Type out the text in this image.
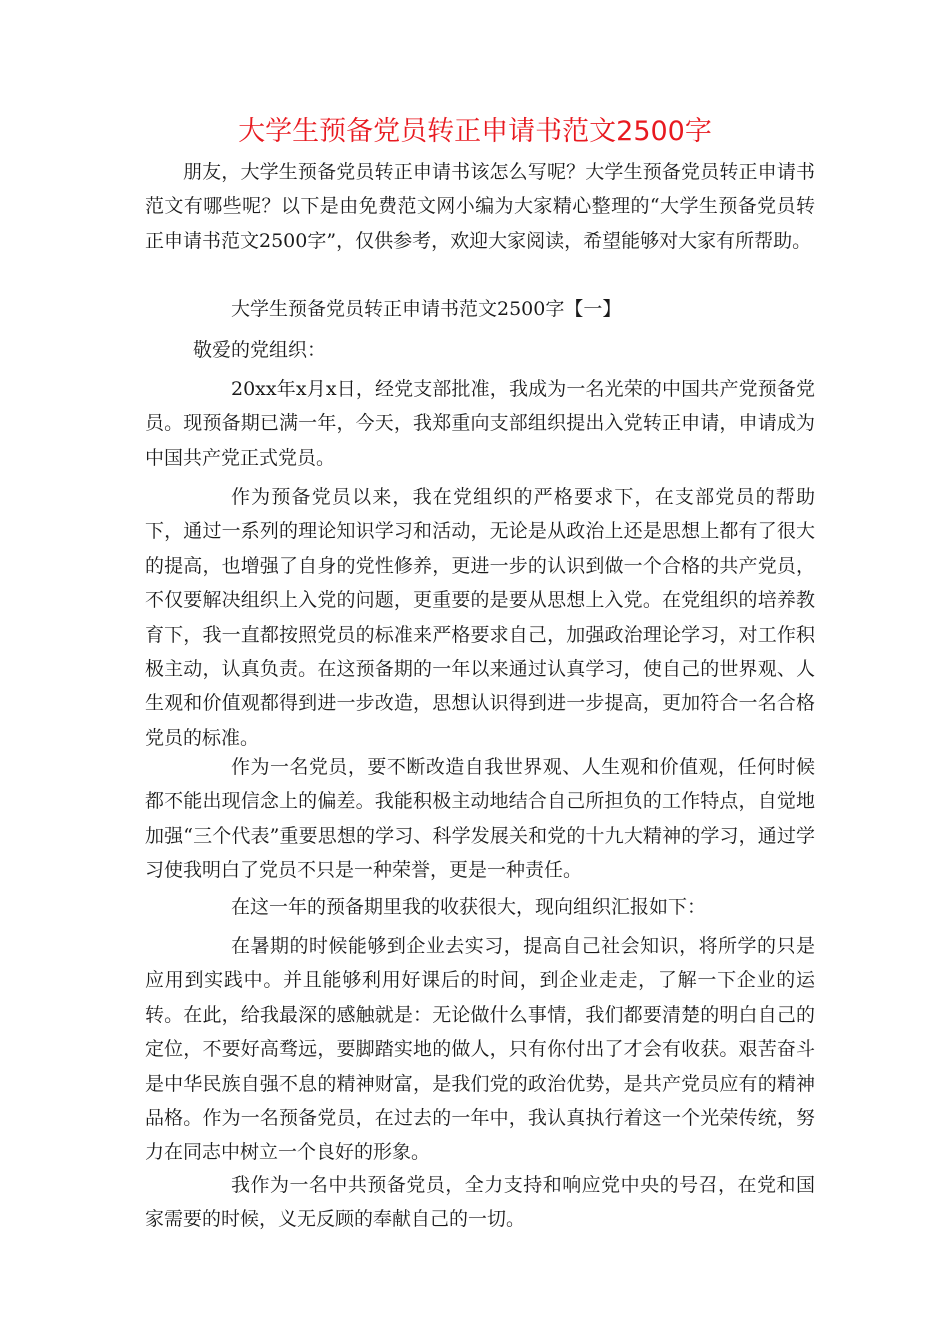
大学生预备党员转正申请书范文2500字

朋友，大学生预备党员转正申请书该怎么写呢？大学生预备党员转正申请书范文有哪些呢？以下是由免费范文网小编为大家精心整理的“大学生预备党员转正申请书范文2500字”，仅供参考，欢迎大家阅读，希望能够对大家有所帮助。

大学生预备党员转正申请书范文2500字【一】

敬爱的党组织：

20xx年x月x日，经党支部批准，我成为一名光荣的中国共产党预备党员。现预备期已满一年，今天，我郑重向支部组织提出入党转正申请，申请成为中国共产党正式党员。

作为预备党员以来，我在党组织的严格要求下，在支部党员的帮助下，通过一系列的理论知识学习和活动，无论是从政治上还是思想上都有了很大的提高，也增强了自身的党性修养，更进一步的认识到做一个合格的共产党员，不仅要解决组织上入党的问题，更重要的是要从思想上入党。在党组织的培养教育下，我一直都按照党员的标准来严格要求自己，加强政治理论学习，对工作积极主动，认真负责。在这预备期的一年以来通过认真学习，使自己的世界观、人生观和价值观都得到进一步改造，思想认识得到进一步提高，更加符合一名合格党员的标准。

作为一名党员，要不断改造自我世界观、人生观和价值观，任何时候都不能出现信念上的偏差。我能积极主动地结合自己所担负的工作特点，自觉地加强“三个代表”重要思想的学习、科学发展关和党的十九大精神的学习，通过学习使我明白了党员不只是一种荣誉，更是一种责任。

在这一年的预备期里我的收获很大，现向组织汇报如下：

在暑期的时候能够到企业去实习，提高自己社会知识，将所学的只是应用到实践中。并且能够利用好课后的时间，到企业走走，了解一下企业的运转。在此，给我最深的感触就是：无论做什么事情，我们都要清楚的明白自己的定位，不要好高骛远，要脚踏实地的做人，只有你付出了才会有收获。艰苦奋斗是中华民族自强不息的精神财富，是我们党的政治优势，是共产党员应有的精神品格。作为一名预备党员，在过去的一年中，我认真执行着这一个光荣传统，努力在同志中树立一个良好的形象。

我作为一名中共预备党员，全力支持和响应党中央的号召，在党和国家需要的时候，义无反顾的奉献自己的一切。
